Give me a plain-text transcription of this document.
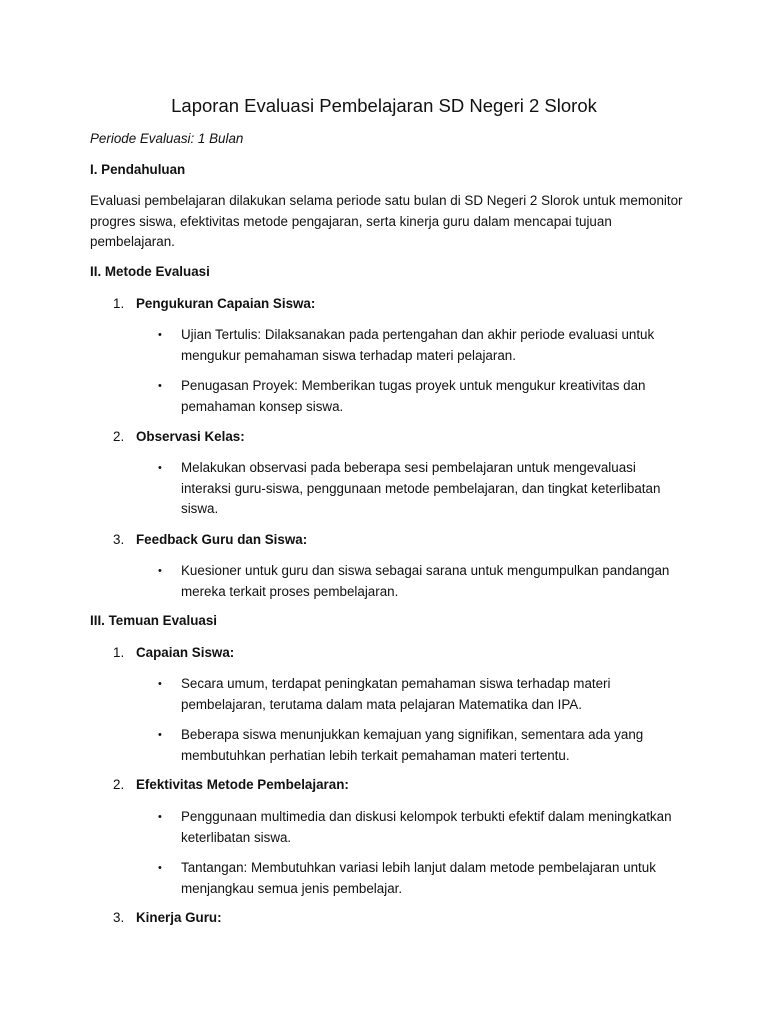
Laporan Evaluasi Pembelajaran SD Negeri 2 Slorok
Periode Evaluasi: 1 Bulan
I. Pendahuluan
Evaluasi pembelajaran dilakukan selama periode satu bulan di SD Negeri 2 Slorok untuk memonitor progres siswa, efektivitas metode pengajaran, serta kinerja guru dalam mencapai tujuan pembelajaran.
II. Metode Evaluasi
1. Pengukuran Capaian Siswa:
•	Ujian Tertulis: Dilaksanakan pada pertengahan dan akhir periode evaluasi untuk mengukur pemahaman siswa terhadap materi pelajaran.
•	Penugasan Proyek: Memberikan tugas proyek untuk mengukur kreativitas dan pemahaman konsep siswa.
2. Observasi Kelas:
•	Melakukan observasi pada beberapa sesi pembelajaran untuk mengevaluasi interaksi guru-siswa, penggunaan metode pembelajaran, dan tingkat keterlibatan siswa.
3. Feedback Guru dan Siswa:
•	Kuesioner untuk guru dan siswa sebagai sarana untuk mengumpulkan pandangan mereka terkait proses pembelajaran.
III. Temuan Evaluasi
1. Capaian Siswa:
•	Secara umum, terdapat peningkatan pemahaman siswa terhadap materi pembelajaran, terutama dalam mata pelajaran Matematika dan IPA.
•	Beberapa siswa menunjukkan kemajuan yang signifikan, sementara ada yang membutuhkan perhatian lebih terkait pemahaman materi tertentu.
2. Efektivitas Metode Pembelajaran:
•	Penggunaan multimedia dan diskusi kelompok terbukti efektif dalam meningkatkan keterlibatan siswa.
•	Tantangan: Membutuhkan variasi lebih lanjut dalam metode pembelajaran untuk menjangkau semua jenis pembelajar.
3. Kinerja Guru:
